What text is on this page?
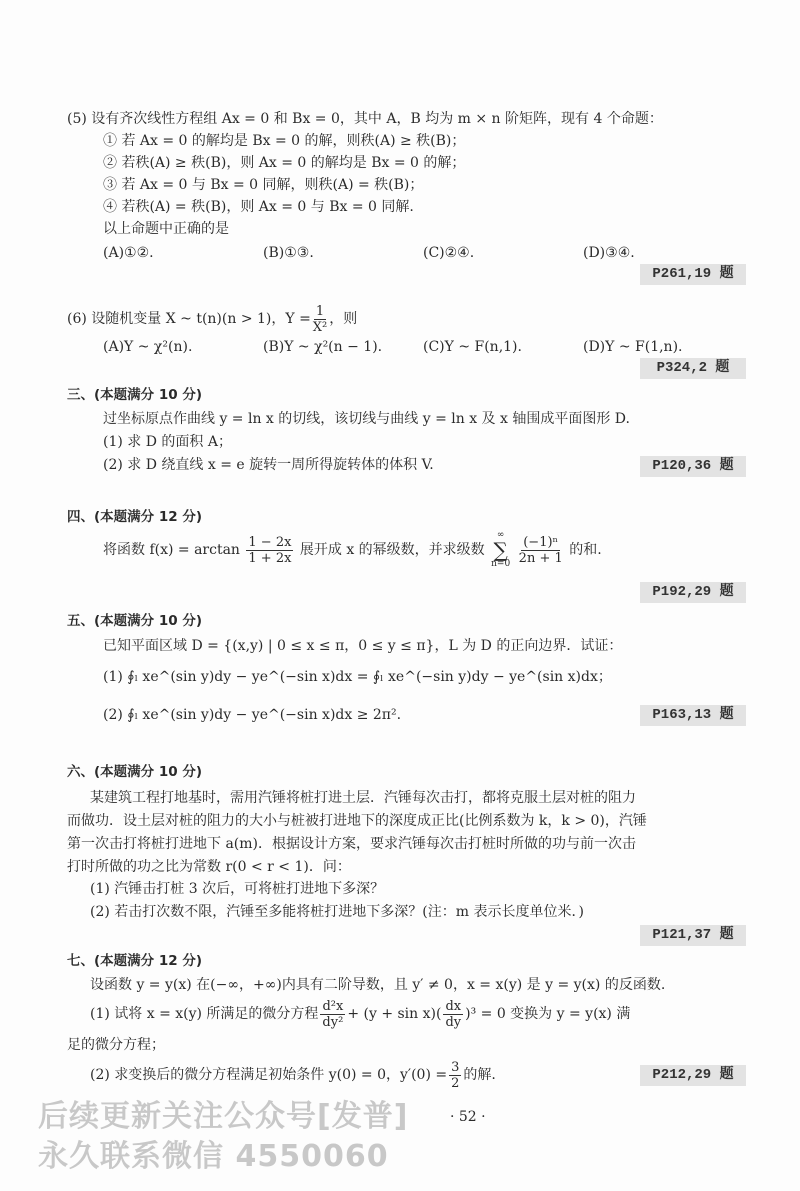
(5) 设有齐次线性方程组 Ax = 0 和 Bx = 0，其中 A，B 均为 m × n 阶矩阵，现有 4 个命题：
① 若 Ax = 0 的解均是 Bx = 0 的解，则秩(A) ≥ 秩(B)；
② 若秩(A) ≥ 秩(B)，则 Ax = 0 的解均是 Bx = 0 的解；
③ 若 Ax = 0 与 Bx = 0 同解，则秩(A) = 秩(B)；
④ 若秩(A) = 秩(B)，则 Ax = 0 与 Bx = 0 同解.
以上命题中正确的是
(A)①②.	(B)①③.	(C)②④.	(D)③④.
P261,19 题
(6) 设随机变量 X ~ t(n)(n > 1)，$Y = \frac{1}{\text{X²}}$ ，则
(A)Y ~ χ²(n).	(B)Y ~ χ²(n − 1).	(C)Y ~ F(n,1).	(D)Y ~ F(1,n).
P324,2 题
三、(本题满分 10 分)
过坐标原点作曲线 y = ln x 的切线，该切线与曲线 y = ln x 及 x 轴围成平面图形 D.
(1) 求 D 的面积 A；
(2) 求 D 绕直线 x = e 旋转一周所得旋转体的体积 V.	P120,36 题
四、(本题满分 12 分)
将函数 $f(x) = \arctan \frac{1 - 2x}{1 + 2x}$ 展开成 x 的幂级数，并求级数
∞
∑
n=0
$\frac{\text{(−1)ⁿ}}{2n + 1}$ 的和.
P192,29 题
五、(本题满分 10 分)
已知平面区域 D = {(x,y) | 0 ≤ x ≤ π，0 ≤ y ≤ π}，L 为 D 的正向边界．试证：
(1) ∮ₗ xe^(sin y)dy − ye^(−sin x)dx = ∮ₗ xe^(−sin y)dy − ye^(sin x)dx；
(2) ∮ₗ xe^(sin y)dy − ye^(−sin x)dx ≥ 2π².	P163,13 题
六、(本题满分 10 分)
某建筑工程打地基时，需用汽锤将桩打进土层．汽锤每次击打，都将克服土层对桩的阻力
而做功．设土层对桩的阻力的大小与桩被打进地下的深度成正比(比例系数为 k，k > 0)，汽锤
第一次击打将桩打进地下 a(m)．根据设计方案，要求汽锤每次击打桩时所做的功与前一次击
打时所做的功之比为常数 r(0 < r < 1)．问：
(1) 汽锤击打桩 3 次后，可将桩打进地下多深？
(2) 若击打次数不限，汽锤至多能将桩打进地下多深？(注：m 表示长度单位米．)
P121,37 题
七、(本题满分 12 分)
设函数 y = y(x) 在(−∞，+∞)内具有二阶导数，且 y′ ≠ 0，x = x(y) 是 y = y(x) 的反函数.
(1) 试将 x = x(y) 所满足的微分方程 $\frac{\text{d²x}}{\text{dy²}} + (y + \sin x)( \frac{dx}{dy} )^3 = 0$ 变换为 y = y(x) 满
足的微分方程；
(2) 求变换后的微分方程满足初始条件 y(0) = 0，$y'(0) = \frac{3}{2}$ 的解.	P212,29 题
· 52 ·
后续更新关注公众号[发普]
永久联系微信 4550060
